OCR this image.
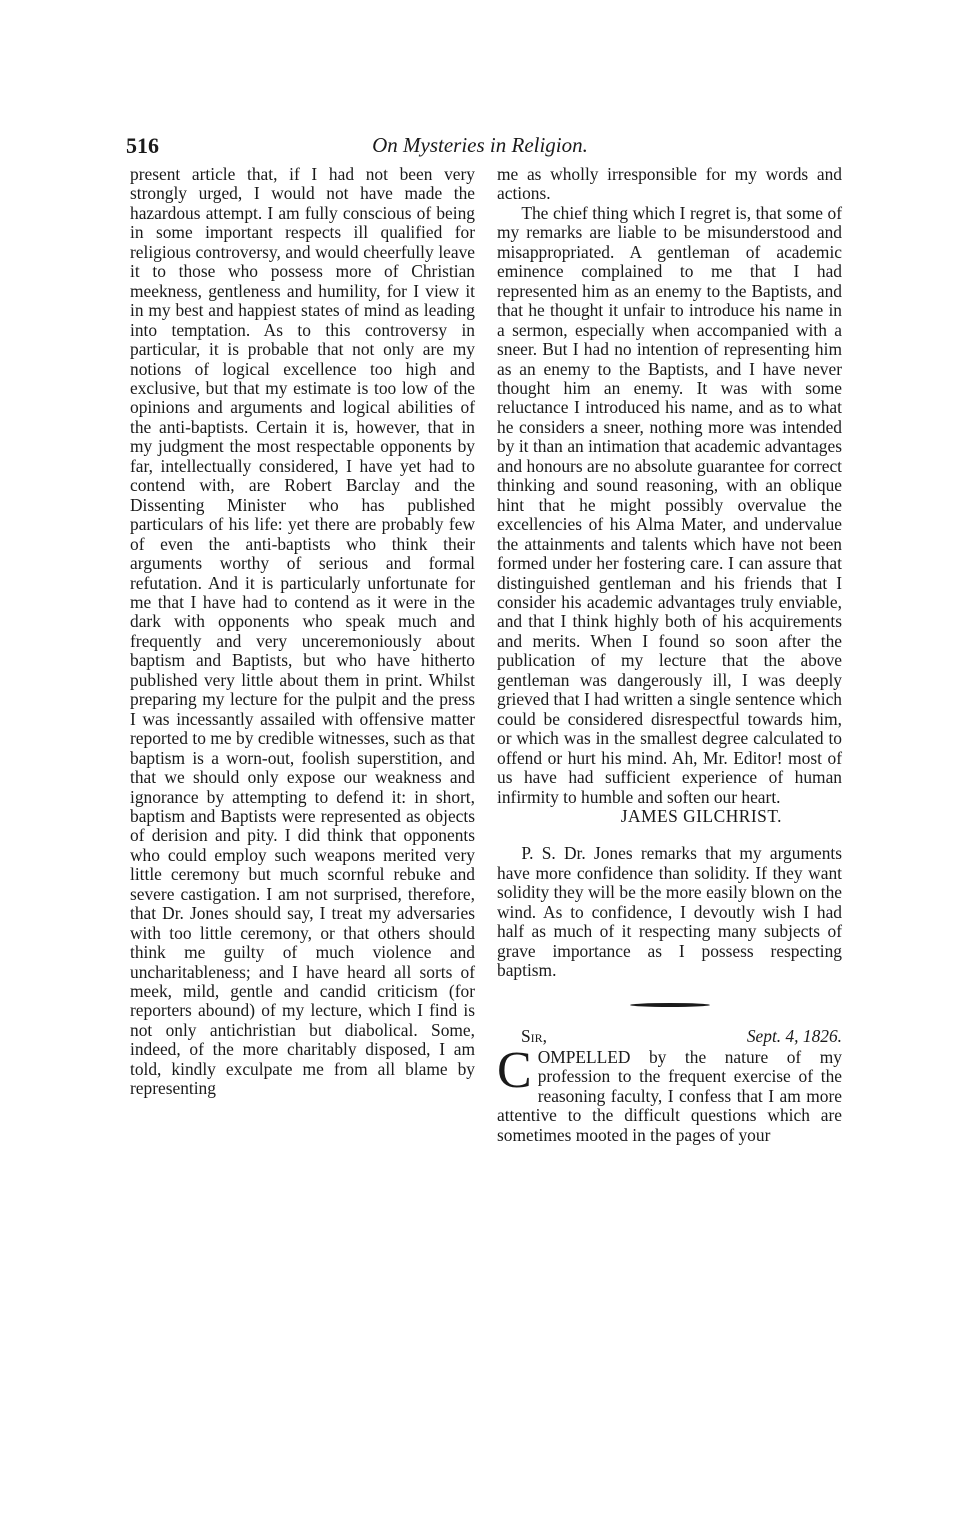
516	On Mysteries in Religion.

present article that, if I had not been very strongly urged, I would not have made the hazardous attempt. I am fully conscious of being in some important respects ill qualified for religious controversy, and would cheerfully leave it to those who possess more of Christian meekness, gentleness and humility, for I view it in my best and happiest states of mind as leading into temptation. As to this controversy in particular, it is probable that not only are my notions of logical excellence too high and exclusive, but that my estimate is too low of the opinions and arguments and logical abilities of the anti-baptists. Certain it is, however, that in my judgment the most respectable opponents by far, intellectually considered, I have yet had to contend with, are Robert Barclay and the Dissenting Minister who has published particulars of his life: yet there are probably few of even the anti-baptists who think their arguments worthy of serious and formal refutation. And it is particularly unfortunate for me that I have had to contend as it were in the dark with opponents who speak much and frequently and very unceremoniously about baptism and Baptists, but who have hitherto published very little about them in print. Whilst preparing my lecture for the pulpit and the press I was incessantly assailed with offensive matter reported to me by credible witnesses, such as that baptism is a worn-out, foolish superstition, and that we should only expose our weakness and ignorance by attempting to defend it: in short, baptism and Baptists were represented as objects of derision and pity. I did think that opponents who could employ such weapons merited very little ceremony but much scornful rebuke and severe castigation. I am not surprised, therefore, that Dr. Jones should say, I treat my adversaries with too little ceremony, or that others should think me guilty of much violence and uncharitableness; and I have heard all sorts of meek, mild, gentle and candid criticism (for reporters abound) of my lecture, which I find is not only antichristian but diabolical. Some, indeed, of the more charitably disposed, I am told, kindly exculpate me from all blame by representing

me as wholly irresponsible for my words and actions.

The chief thing which I regret is, that some of my remarks are liable to be misunderstood and misappropriated. A gentleman of academic eminence complained to me that I had represented him as an enemy to the Baptists, and that he thought it unfair to introduce his name in a sermon, especially when accompanied with a sneer. But I had no intention of representing him as an enemy to the Baptists, and I have never thought him an enemy. It was with some reluctance I introduced his name, and as to what he considers a sneer, nothing more was intended by it than an intimation that academic advantages and honours are no absolute guarantee for correct thinking and sound reasoning, with an oblique hint that he might possibly overvalue the excellencies of his Alma Mater, and undervalue the attainments and talents which have not been formed under her fostering care. I can assure that distinguished gentleman and his friends that I consider his academic advantages truly enviable, and that I think highly both of his acquirements and merits. When I found so soon after the publication of my lecture that the above gentleman was dangerously ill, I was deeply grieved that I had written a single sentence which could be considered disrespectful towards him, or which was in the smallest degree calculated to offend or hurt his mind. Ah, Mr. Editor! most of us have had sufficient experience of human infirmity to humble and soften our heart.

JAMES GILCHRIST.

P. S. Dr. Jones remarks that my arguments have more confidence than solidity. If they want solidity they will be the more easily blown on the wind. As to confidence, I devoutly wish I had half as much of it respecting many subjects of grave importance as I possess respecting baptism.

Sir,	Sept. 4, 1826.

COMPELLED by the nature of my profession to the frequent exercise of the reasoning faculty, I confess that I am more attentive to the difficult questions which are sometimes mooted in the pages of your
